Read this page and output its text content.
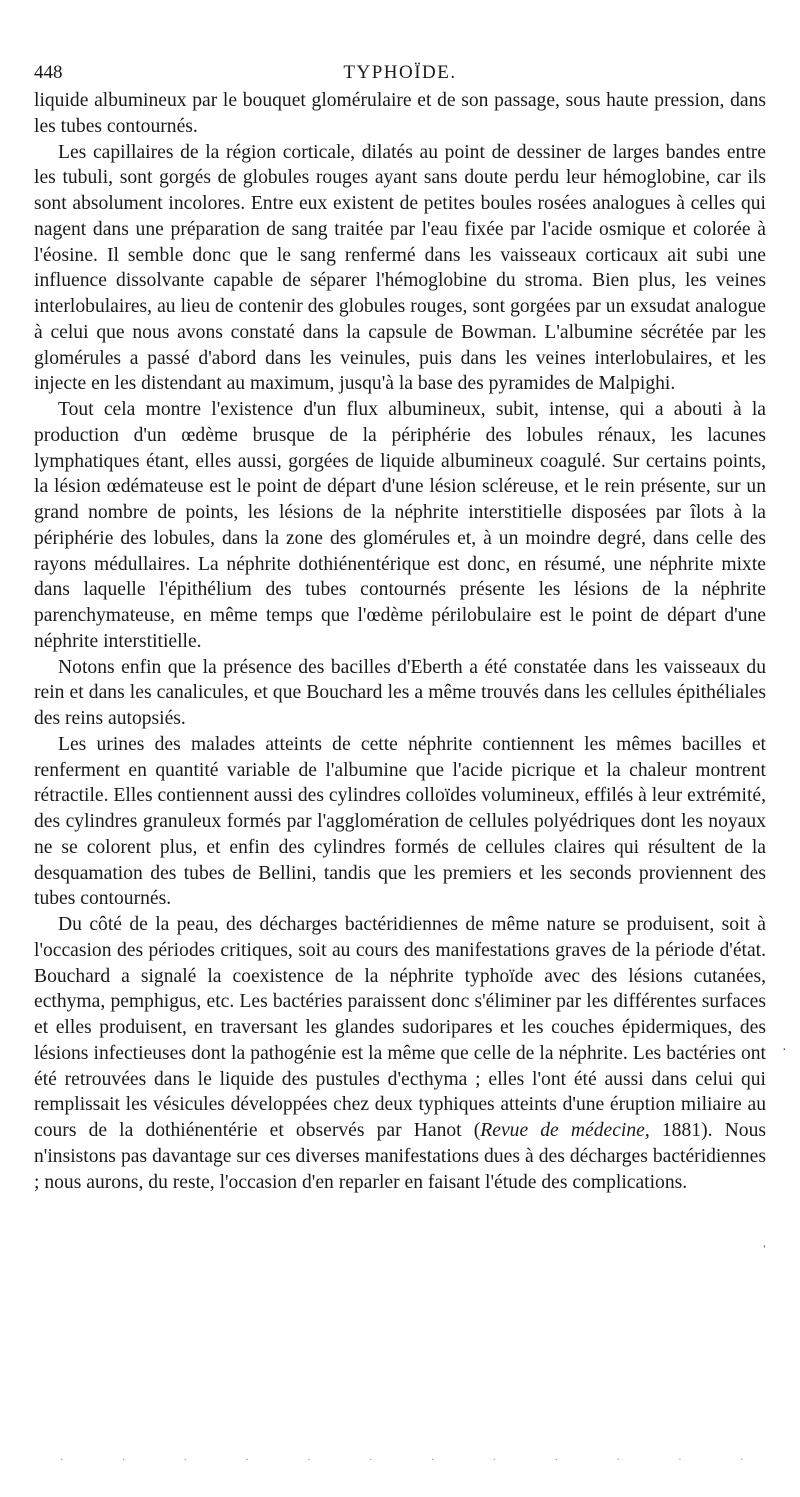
448	TYPHOÏDE.

liquide albumineux par le bouquet glomérulaire et de son passage, sous haute pression, dans les tubes contournés.

Les capillaires de la région corticale, dilatés au point de dessiner de larges bandes entre les tubuli, sont gorgés de globules rouges ayant sans doute perdu leur hémoglobine, car ils sont absolument incolores. Entre eux existent de petites boules rosées analogues à celles qui nagent dans une préparation de sang traitée par l'eau fixée par l'acide osmique et colorée à l'éosine. Il semble donc que le sang renfermé dans les vaisseaux corticaux ait subi une influence dissolvante capable de séparer l'hémoglobine du stroma. Bien plus, les veines interlobulaires, au lieu de contenir des globules rouges, sont gorgées par un exsudat analogue à celui que nous avons constaté dans la capsule de Bowman. L'albumine sécrétée par les glomérules a passé d'abord dans les veinules, puis dans les veines interlobulaires, et les injecte en les distendant au maximum, jusqu'à la base des pyramides de Malpighi.

Tout cela montre l'existence d'un flux albumineux, subit, intense, qui a abouti à la production d'un œdème brusque de la périphérie des lobules rénaux, les lacunes lymphatiques étant, elles aussi, gorgées de liquide albumineux coagulé. Sur certains points, la lésion œdémateuse est le point de départ d'une lésion scléreuse, et le rein présente, sur un grand nombre de points, les lésions de la néphrite interstitielle disposées par îlots à la périphérie des lobules, dans la zone des glomérules et, à un moindre degré, dans celle des rayons médullaires. La néphrite dothiénentérique est donc, en résumé, une néphrite mixte dans laquelle l'épithélium des tubes contournés présente les lésions de la néphrite parenchymateuse, en même temps que l'œdème périlobulaire est le point de départ d'une néphrite interstitielle.

Notons enfin que la présence des bacilles d'Eberth a été constatée dans les vaisseaux du rein et dans les canalicules, et que Bouchard les a même trouvés dans les cellules épithéliales des reins autopsiés.

Les urines des malades atteints de cette néphrite contiennent les mêmes bacilles et renferment en quantité variable de l'albumine que l'acide picrique et la chaleur montrent rétractile. Elles contiennent aussi des cylindres colloïdes volumineux, effilés à leur extrémité, des cylindres granuleux formés par l'agglomération de cellules polyédriques dont les noyaux ne se colorent plus, et enfin des cylindres formés de cellules claires qui résultent de la desquamation des tubes de Bellini, tandis que les premiers et les seconds proviennent des tubes contournés.

Du côté de la peau, des décharges bactéridiennes de même nature se produisent, soit à l'occasion des périodes critiques, soit au cours des manifestations graves de la période d'état. Bouchard a signalé la coexistence de la néphrite typhoïde avec des lésions cutanées, ecthyma, pemphigus, etc. Les bactéries paraissent donc s'éliminer par les différentes surfaces et elles produisent, en traversant les glandes sudoripares et les couches épidermiques, des lésions infectieuses dont la pathogénie est la même que celle de la néphrite. Les bactéries ont été retrouvées dans le liquide des pustules d'ecthyma ; elles l'ont été aussi dans celui qui remplissait les vésicules développées chez deux typhiques atteints d'une éruption miliaire au cours de la dothiénentérie et observés par Hanot (Revue de médecine, 1881). Nous n'insistons pas davantage sur ces diverses manifestations dues à des décharges bactéridiennes ; nous aurons, du reste, l'occasion d'en reparler en faisant l'étude des complications.

·
ˈ
· · · · · · · · · · · ·
